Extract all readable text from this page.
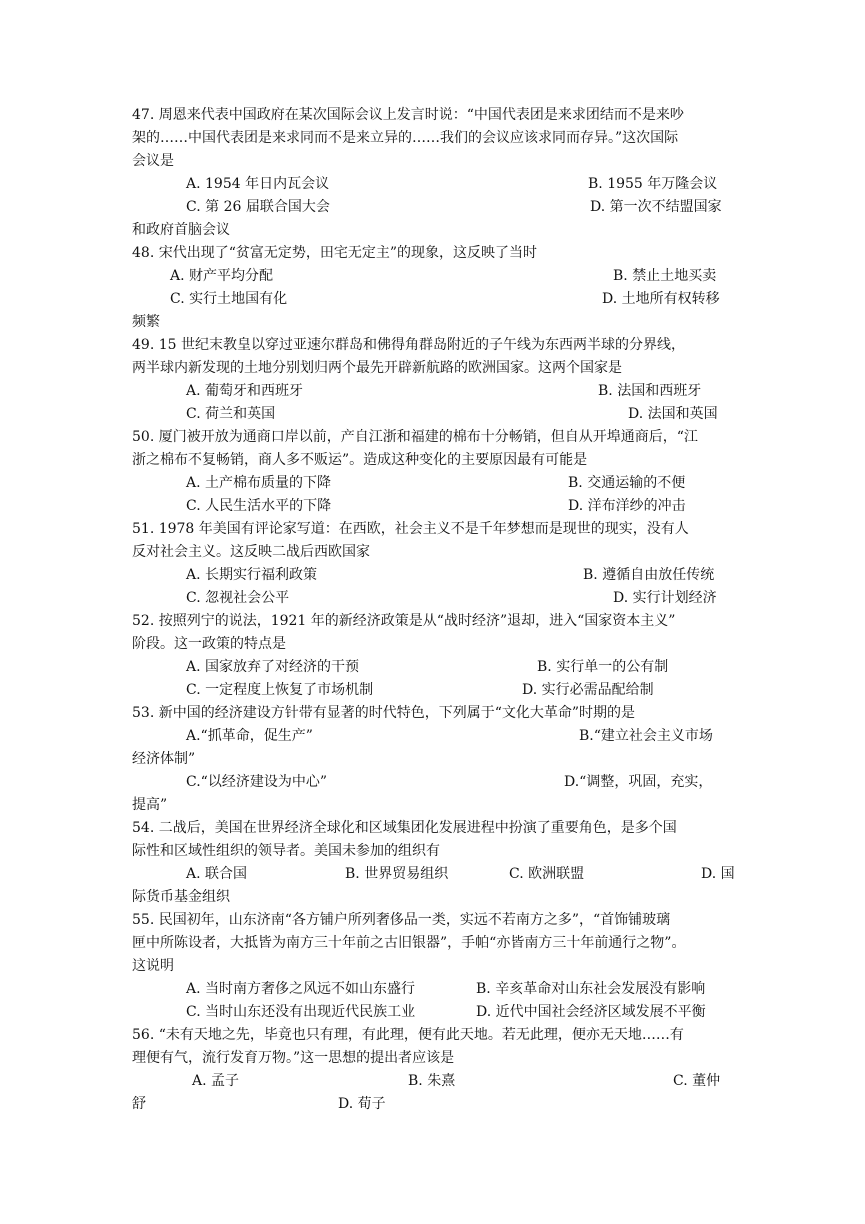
47. 周恩来代表中国政府在某次国际会议上发言时说：“中国代表团是来求团结而不是来吵
架的……中国代表团是来求同而不是来立异的……我们的会议应该求同而存异。”这次国际
会议是
A. 1954 年日内瓦会议	B. 1955 年万隆会议
C. 第 26 届联合国大会	D. 第一次不结盟国家
和政府首脑会议
48. 宋代出现了“贫富无定势，田宅无定主”的现象，这反映了当时
A. 财产平均分配	B. 禁止土地买卖
C. 实行土地国有化	D. 土地所有权转移
频繁
49. 15 世纪末教皇以穿过亚速尔群岛和佛得角群岛附近的子午线为东西两半球的分界线，
两半球内新发现的土地分别划归两个最先开辟新航路的欧洲国家。这两个国家是
A. 葡萄牙和西班牙	B. 法国和西班牙
C. 荷兰和英国	D. 法国和英国
50. 厦门被开放为通商口岸以前，产自江浙和福建的棉布十分畅销，但自从开埠通商后，“江
浙之棉布不复畅销，商人多不贩运”。造成这种变化的主要原因最有可能是
A. 土产棉布质量的下降	B. 交通运输的不便
C. 人民生活水平的下降	D. 洋布洋纱的冲击
51. 1978 年美国有评论家写道：在西欧，社会主义不是千年梦想而是现世的现实，没有人
反对社会主义。这反映二战后西欧国家
A. 长期实行福利政策	B. 遵循自由放任传统
C. 忽视社会公平	D. 实行计划经济
52. 按照列宁的说法，1921 年的新经济政策是从“战时经济”退却，进入“国家资本主义”
阶段。这一政策的特点是
A. 国家放弃了对经济的干预	B. 实行单一的公有制
C. 一定程度上恢复了市场机制	D. 实行必需品配给制
53. 新中国的经济建设方针带有显著的时代特色，下列属于“文化大革命”时期的是
A.“抓革命，促生产”	B.“建立社会主义市场
经济体制”
C.“以经济建设为中心”	D.“调整，巩固，充实，
提高”
54. 二战后，美国在世界经济全球化和区域集团化发展进程中扮演了重要角色，是多个国
际性和区域性组织的领导者。美国未参加的组织有
A. 联合国	B. 世界贸易组织	C. 欧洲联盟	D. 国
际货币基金组织
55. 民国初年，山东济南“各方铺户所列奢侈品一类，实远不若南方之多”，“首饰铺玻璃
匣中所陈设者，大抵皆为南方三十年前之古旧银器”，手帕“亦皆南方三十年前通行之物”。
这说明
A. 当时南方奢侈之风远不如山东盛行	B. 辛亥革命对山东社会发展没有影响
C. 当时山东还没有出现近代民族工业	D. 近代中国社会经济区域发展不平衡
56. “未有天地之先，毕竟也只有理，有此理，便有此天地。若无此理，便亦无天地……有
理便有气，流行发育万物。”这一思想的提出者应该是
A. 孟子	B. 朱熹	C. 董仲
舒	D. 荀子
